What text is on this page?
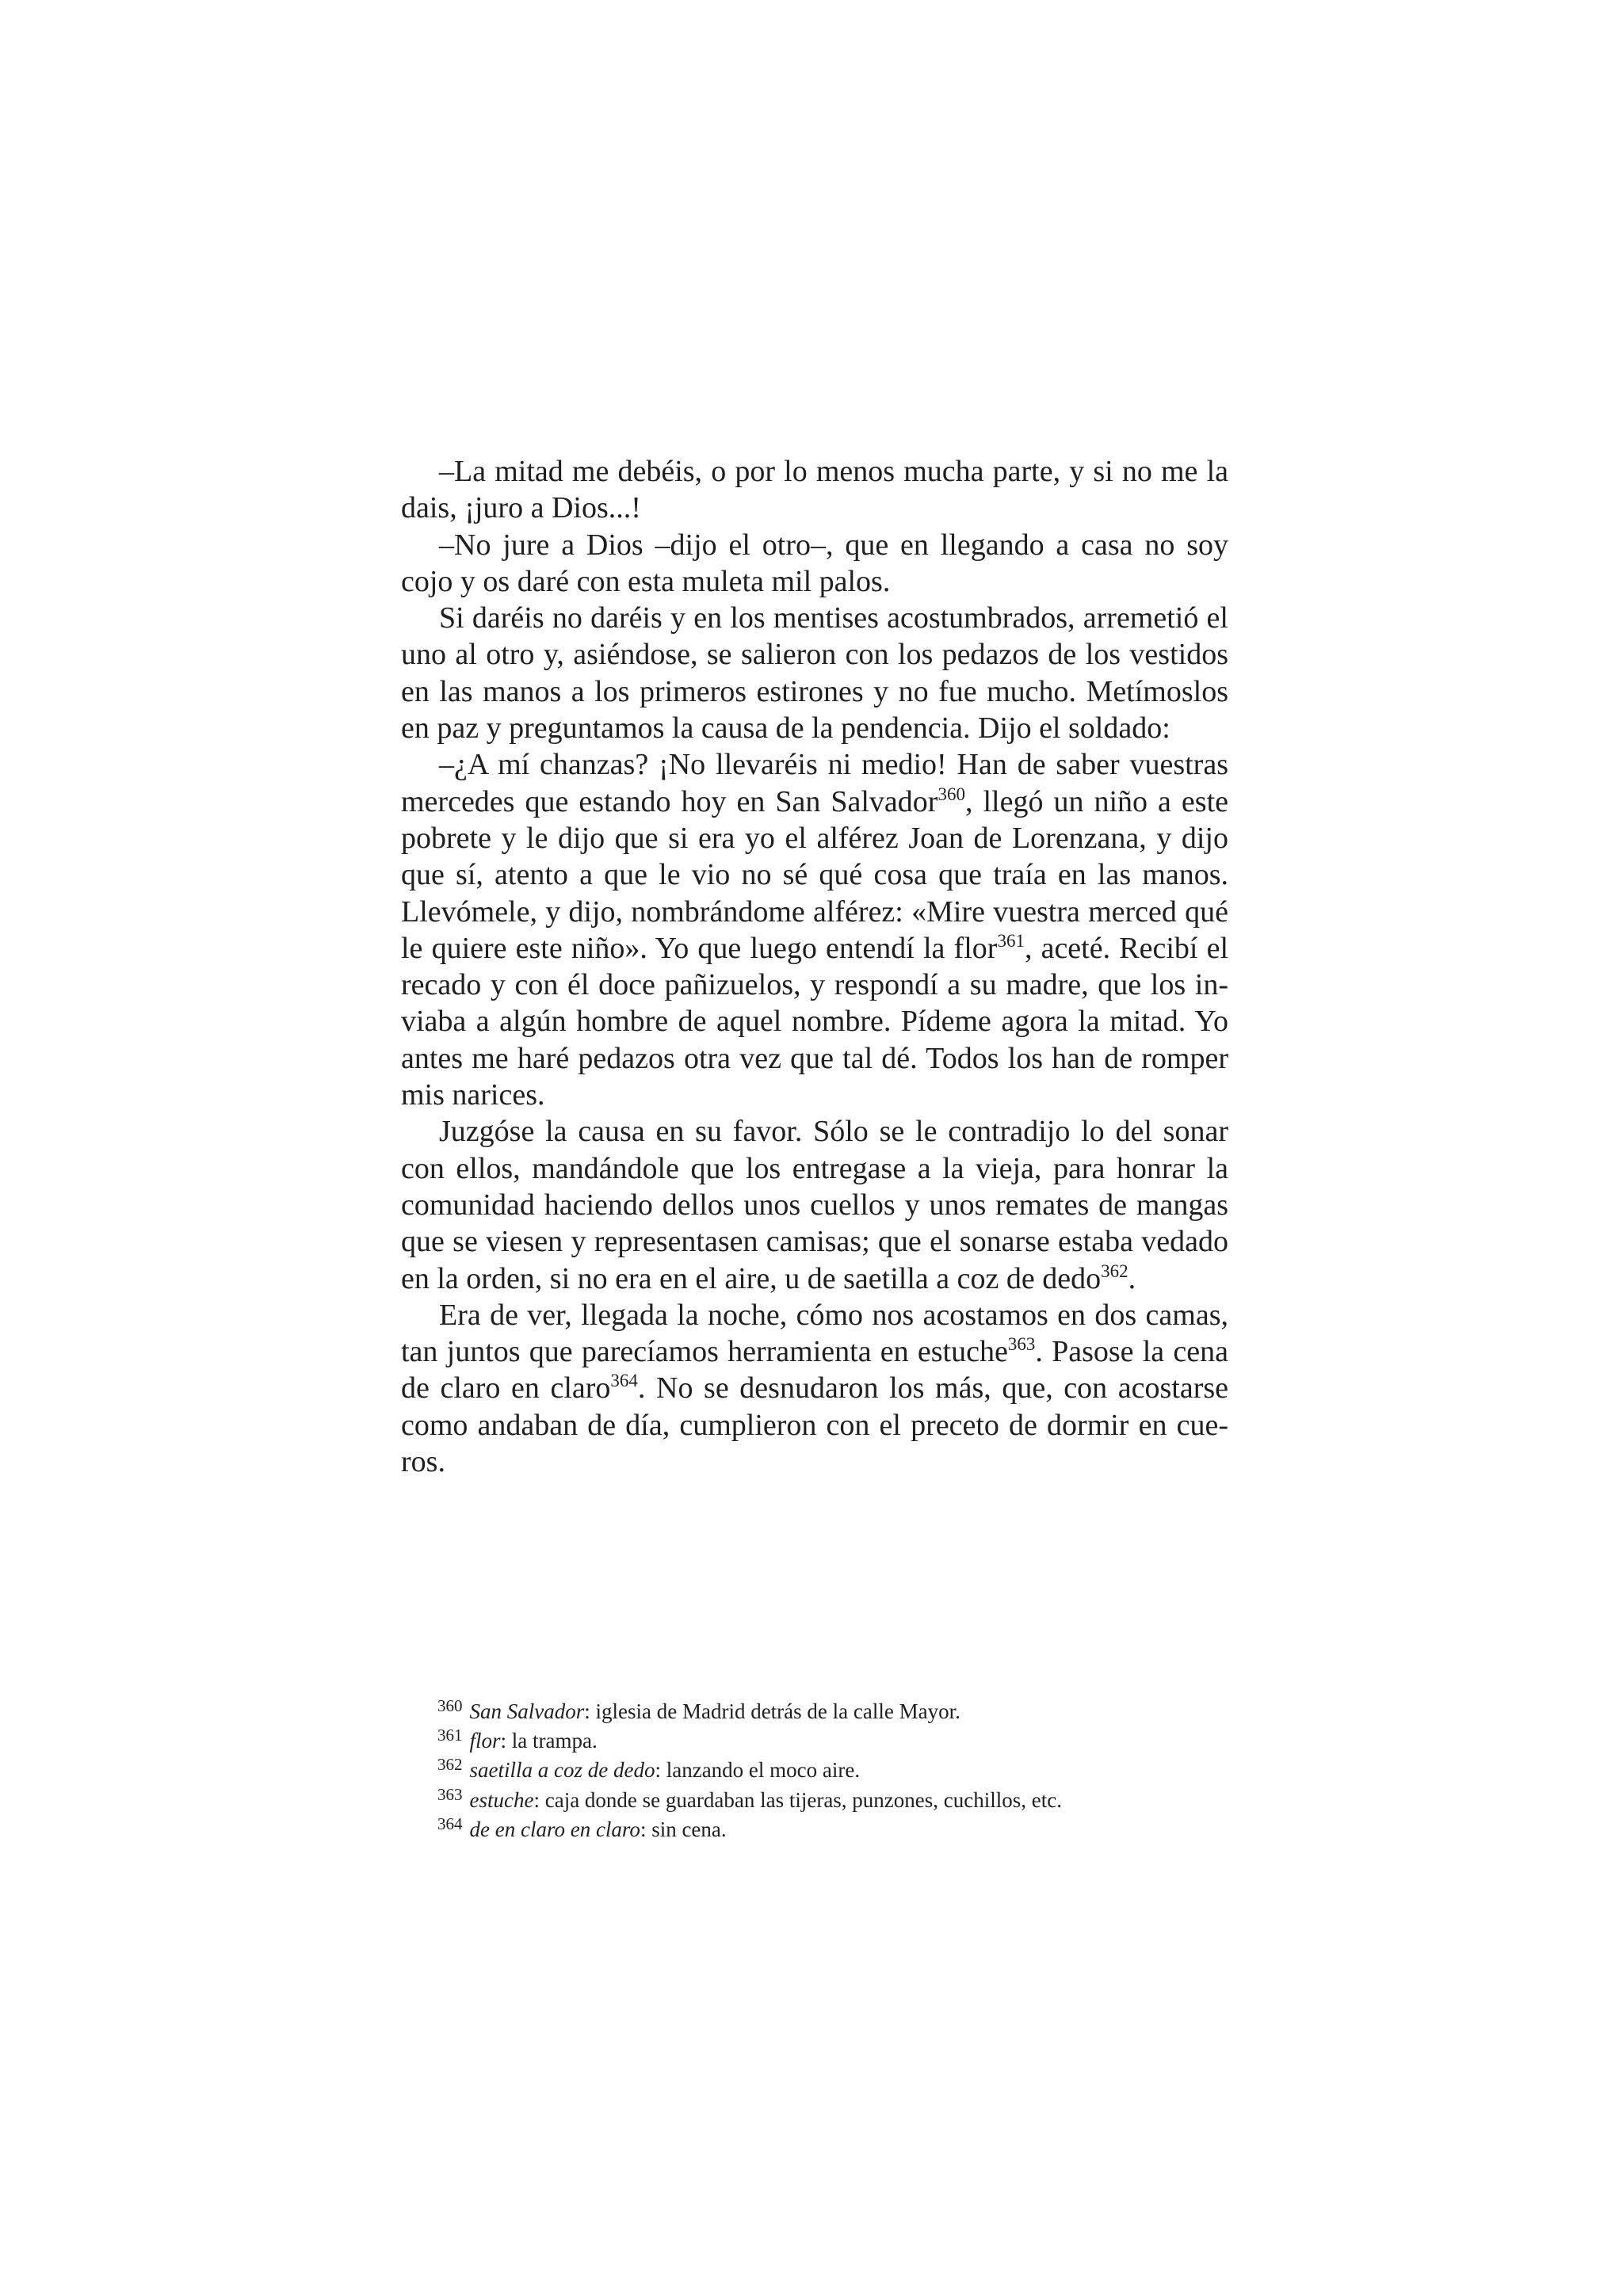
–La mitad me debéis, o por lo menos mucha parte, y si no me la dais, ¡juro a Dios...!

–No jure a Dios –dijo el otro–, que en llegando a casa no soy cojo y os daré con esta muleta mil palos.

Si daréis no daréis y en los mentises acostumbrados, arremetió el uno al otro y, asiéndose, se salieron con los pedazos de los vestidos en las manos a los primeros estirones y no fue mucho. Metímoslos en paz y preguntamos la causa de la pendencia. Dijo el soldado:

–¿A mí chanzas? ¡No llevaréis ni medio! Han de saber vuestras mercedes que estando hoy en San Salvador$^{360}$, llegó un niño a este pobrete y le dijo que si era yo el alférez Joan de Lorenzana, y dijo que sí, atento a que le vio no sé qué cosa que traía en las manos. Llevómele, y dijo, nombrándome alférez: «Mire vuestra merced qué le quiere este niño». Yo que luego entendí la flor$^{361}$, aceté. Recibí el recado y con él doce pañizuelos, y respondí a su madre, que los inviaba a algún hombre de aquel nombre. Pídeme agora la mitad. Yo antes me haré pedazos otra vez que tal dé. Todos los han de romper mis narices.

Juzgóse la causa en su favor. Sólo se le contradijo lo del sonar con ellos, mandándole que los entregase a la vieja, para honrar la comunidad haciendo dellos unos cuellos y unos remates de mangas que se viesen y representasen camisas; que el sonarse estaba vedado en la orden, si no era en el aire, u de saetilla a coz de dedo$^{362}$.

Era de ver, llegada la noche, cómo nos acostamos en dos camas, tan juntos que parecíamos herramienta en estuche$^{363}$. Pasose la cena de claro en claro$^{364}$. No se desnudaron los más, que, con acostarse como andaban de día, cumplieron con el preceto de dormir en cueros.

360 San Salvador: iglesia de Madrid detrás de la calle Mayor.

361 flor: la trampa.

362 saetilla a coz de dedo: lanzando el moco aire.

363 estuche: caja donde se guardaban las tijeras, punzones, cuchillos, etc.

364 de en claro en claro: sin cena.
